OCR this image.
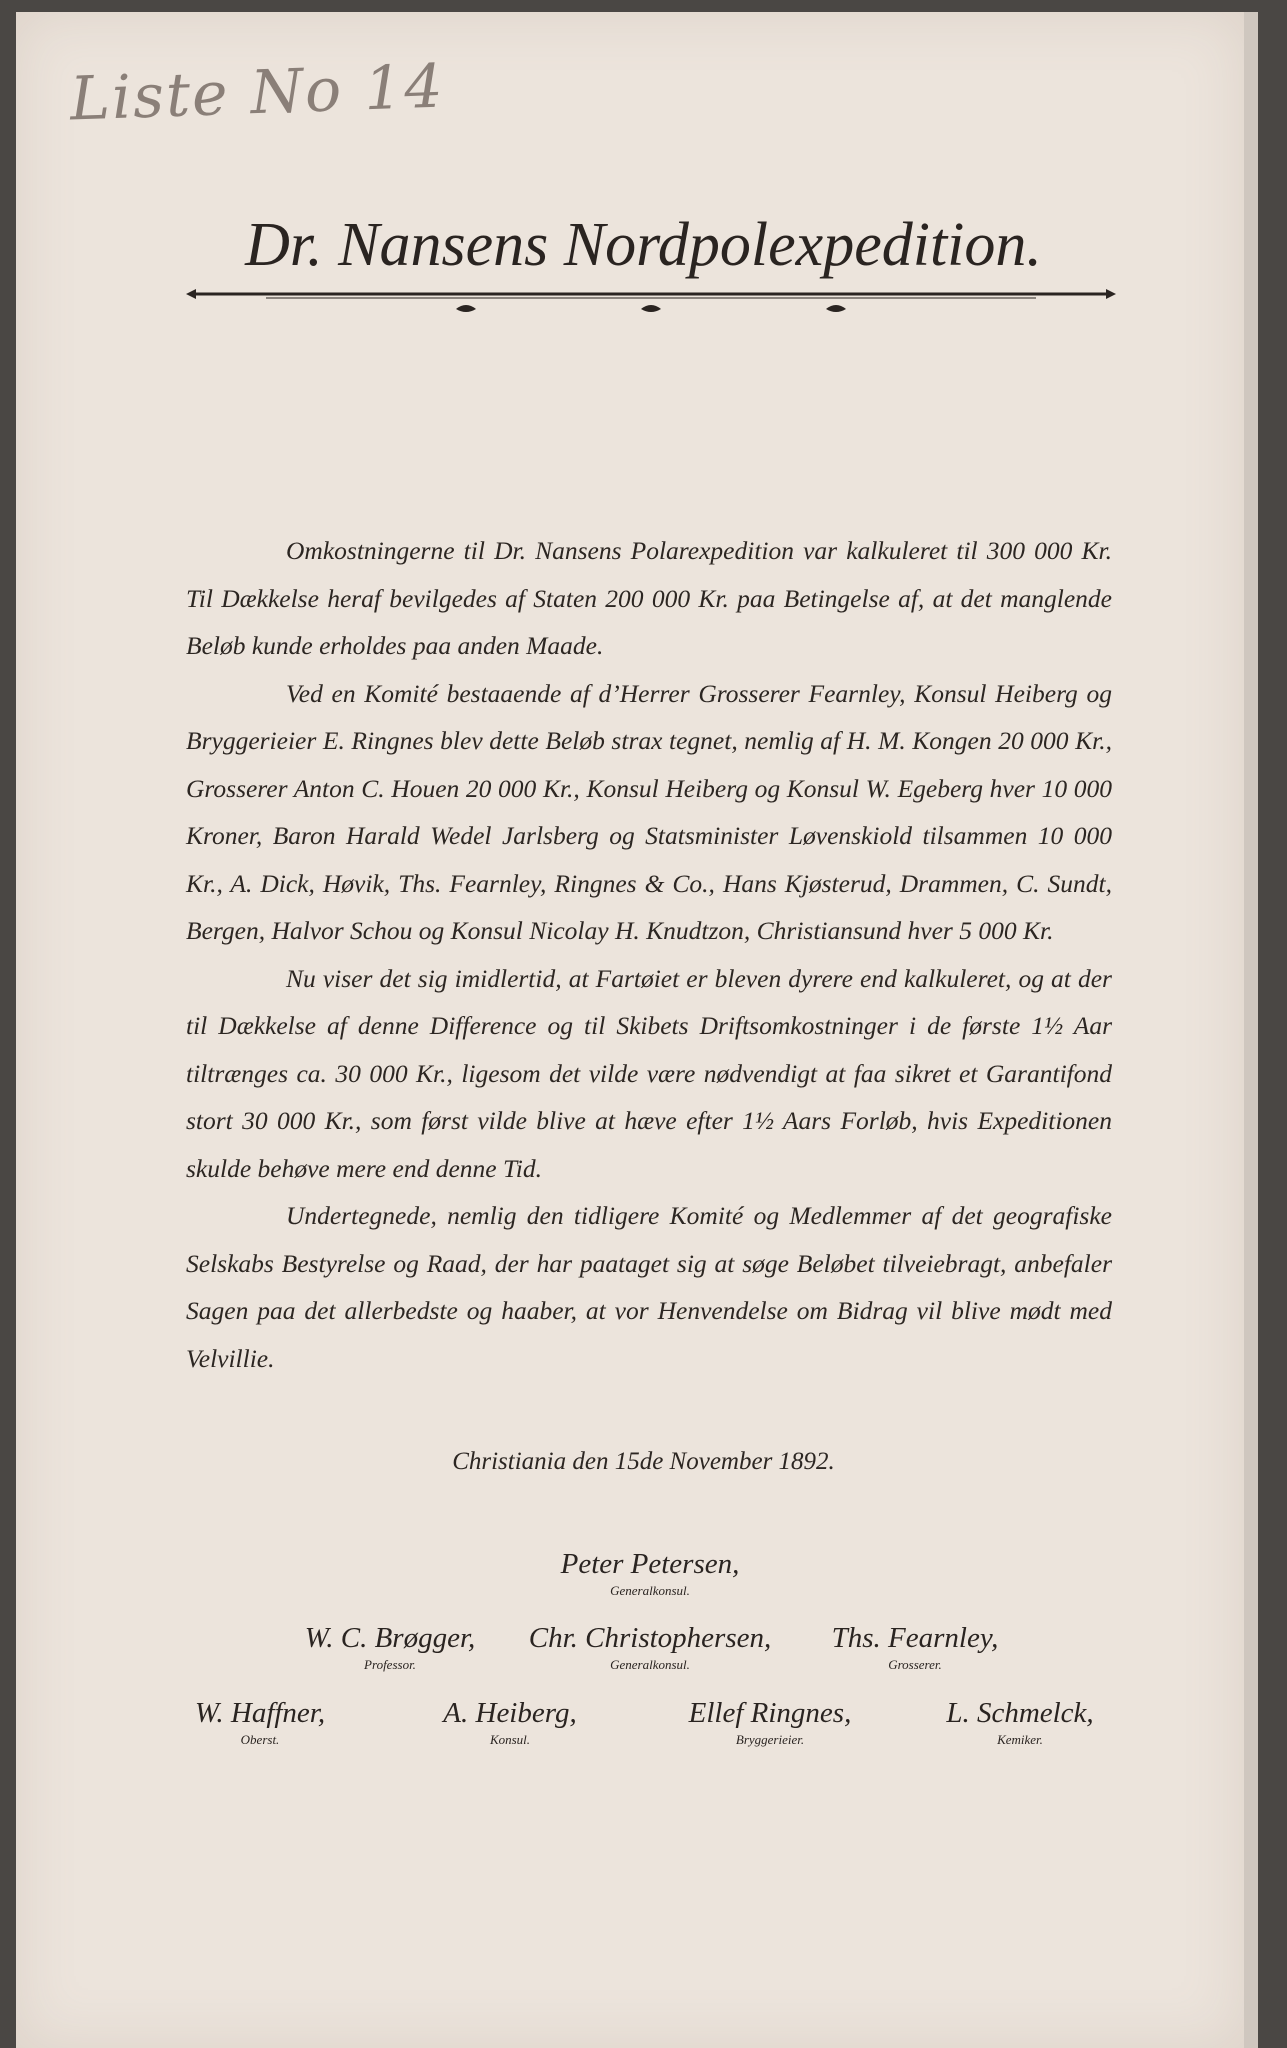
Liste No 14
Dr. Nansens Nordpolexpedition.

Omkostningerne til Dr. Nansens Polarexpedition var kalkuleret til 300 000 Kr. Til Dækkelse heraf bevilgedes af Staten 200 000 Kr. paa Betingelse af, at det manglende Beløb kunde erholdes paa anden Maade.

Ved en Komité bestaaende af d’Herrer Grosserer Fearnley, Konsul Heiberg og Bryggerieier E. Ringnes blev dette Beløb strax tegnet, nemlig af H. M. Kongen 20 000 Kr., Grosserer Anton C. Houen 20 000 Kr., Konsul Heiberg og Konsul W. Egeberg hver 10 000 Kroner, Baron Harald Wedel Jarlsberg og Statsminister Løvenskiold tilsammen 10 000 Kr., A. Dick, Høvik, Ths. Fearnley, Ringnes & Co., Hans Kjøsterud, Drammen, C. Sundt, Bergen, Halvor Schou og Konsul Nicolay H. Knudtzon, Christiansund hver 5 000 Kr.

Nu viser det sig imidlertid, at Fartøiet er bleven dyrere end kalkuleret, og at der til Dækkelse af denne Difference og til Skibets Driftsomkostninger i de første 1½ Aar tiltrænges ca. 30 000 Kr., ligesom det vilde være nødvendigt at faa sikret et Garantifond stort 30 000 Kr., som først vilde blive at hæve efter 1½ Aars Forløb, hvis Expeditionen skulde behøve mere end denne Tid.

Undertegnede, nemlig den tidligere Komité og Medlemmer af det geografiske Selskabs Bestyrelse og Raad, der har paataget sig at søge Beløbet tilveiebragt, anbefaler Sagen paa det allerbedste og haaber, at vor Henvendelse om Bidrag vil blive mødt med Velvillie.

Christiania den 15de November 1892.
Peter Petersen,
Generalkonsul.
W. C. Brøgger,
Professor.
Chr. Christophersen,
Generalkonsul.
Ths. Fearnley,
Grosserer.
W. Haffner,
Oberst.
A. Heiberg,
Konsul.
Ellef Ringnes,
Bryggerieier.
L. Schmelck,
Kemiker.
